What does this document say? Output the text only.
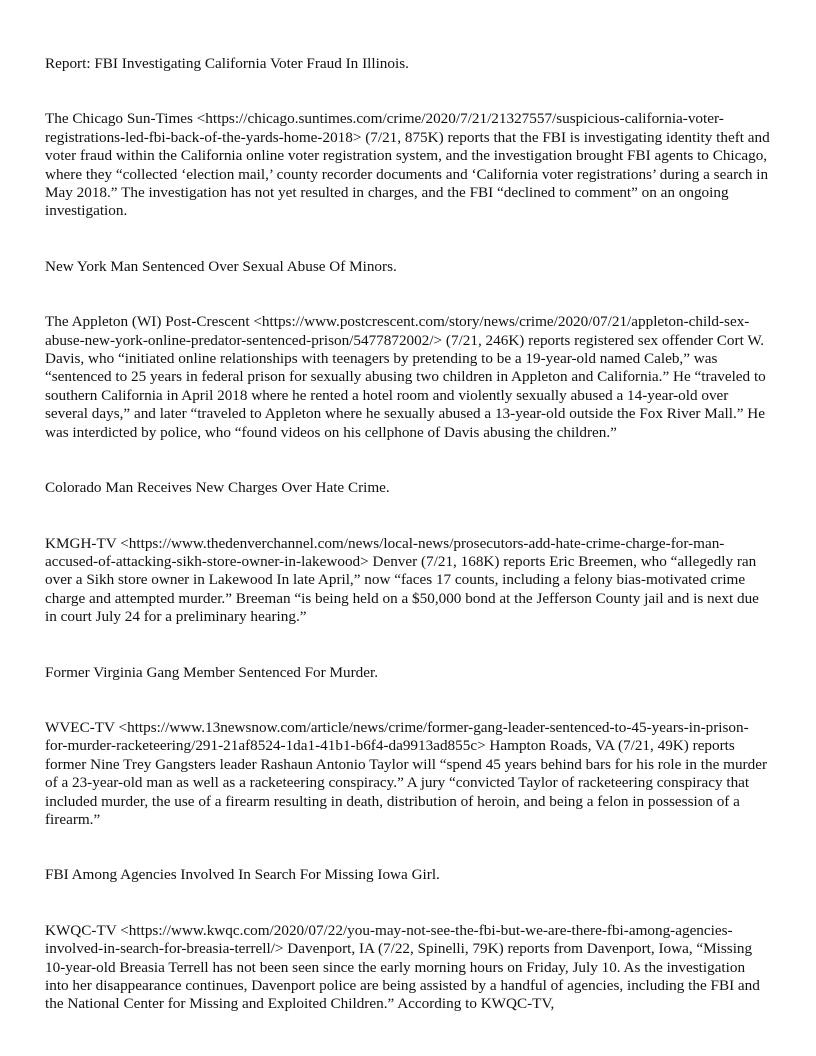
Report: FBI Investigating California Voter Fraud In Illinois.

The Chicago Sun-Times <https://chicago.suntimes.com/crime/2020/7/21/21327557/suspicious-california-voter-registrations-led-fbi-back-of-the-yards-home-2018> (7/21, 875K) reports that the FBI is investigating identity theft and voter fraud within the California online voter registration system, and the investigation brought FBI agents to Chicago, where they “collected ‘election mail,’ county recorder documents and ‘California voter registrations’ during a search in May 2018.” The investigation has not yet resulted in charges, and the FBI “declined to comment” on an ongoing investigation.

New York Man Sentenced Over Sexual Abuse Of Minors.

The Appleton (WI) Post-Crescent <https://www.postcrescent.com/story/news/crime/2020/07/21/appleton-child-sex-abuse-new-york-online-predator-sentenced-prison/5477872002/> (7/21, 246K) reports registered sex offender Cort W. Davis, who “initiated online relationships with teenagers by pretending to be a 19-year-old named Caleb,” was “sentenced to 25 years in federal prison for sexually abusing two children in Appleton and California.” He “traveled to southern California in April 2018 where he rented a hotel room and violently sexually abused a 14-year-old over several days,” and later “traveled to Appleton where he sexually abused a 13-year-old outside the Fox River Mall.” He was interdicted by police, who “found videos on his cellphone of Davis abusing the children.”

Colorado Man Receives New Charges Over Hate Crime.

KMGH-TV <https://www.thedenverchannel.com/news/local-news/prosecutors-add-hate-crime-charge-for-man-accused-of-attacking-sikh-store-owner-in-lakewood> Denver (7/21, 168K) reports Eric Breemen, who “allegedly ran over a Sikh store owner in Lakewood In late April,” now “faces 17 counts, including a felony bias-motivated crime charge and attempted murder.” Breeman “is being held on a $50,000 bond at the Jefferson County jail and is next due in court July 24 for a preliminary hearing.”

Former Virginia Gang Member Sentenced For Murder.

WVEC-TV <https://www.13newsnow.com/article/news/crime/former-gang-leader-sentenced-to-45-years-in-prison-for-murder-racketeering/291-21af8524-1da1-41b1-b6f4-da9913ad855c> Hampton Roads, VA (7/21, 49K) reports former Nine Trey Gangsters leader Rashaun Antonio Taylor will “spend 45 years behind bars for his role in the murder of a 23-year-old man as well as a racketeering conspiracy.” A jury “convicted Taylor of racketeering conspiracy that included murder, the use of a firearm resulting in death, distribution of heroin, and being a felon in possession of a firearm.”

FBI Among Agencies Involved In Search For Missing Iowa Girl.

KWQC-TV <https://www.kwqc.com/2020/07/22/you-may-not-see-the-fbi-but-we-are-there-fbi-among-agencies-involved-in-search-for-breasia-terrell/> Davenport, IA (7/22, Spinelli, 79K) reports from Davenport, Iowa, “Missing 10-year-old Breasia Terrell has not been seen since the early morning hours on Friday, July 10. As the investigation into her disappearance continues, Davenport police are being assisted by a handful of agencies, including the FBI and the National Center for Missing and Exploited Children.” According to KWQC-TV,
